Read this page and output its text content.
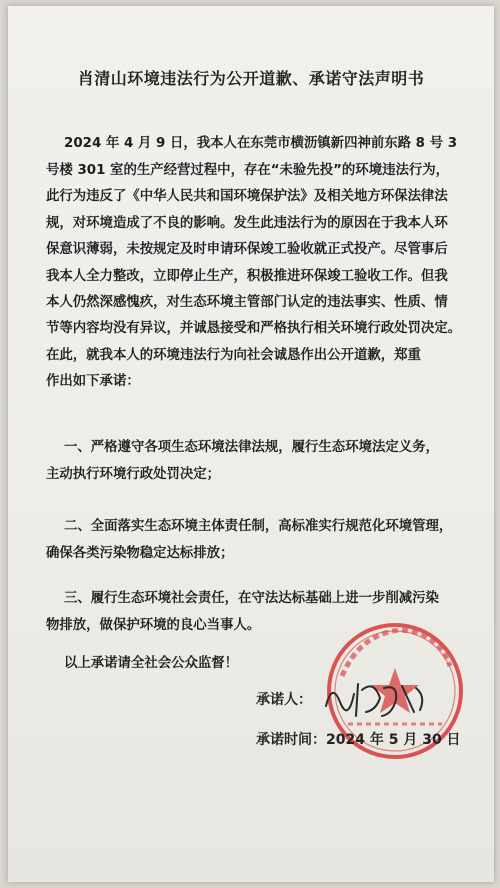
肖清山环境违法行为公开道歉、承诺守法声明书
2024 年 4 月 9 日，我本人在东莞市横沥镇新四神前东路 8 号 3
号楼 301 室的生产经营过程中，存在“未验先投”的环境违法行为，
此行为违反了《中华人民共和国环境保护法》及相关地方环保法律法
规，对环境造成了不良的影响。发生此违法行为的原因在于我本人环
保意识薄弱，未按规定及时申请环保竣工验收就正式投产。尽管事后
我本人全力整改，立即停止生产，积极推进环保竣工验收工作。但我
本人仍然深感愧疚，对生态环境主管部门认定的违法事实、性质、情
节等内容均没有异议，并诚恳接受和严格执行相关环境行政处罚决定。
在此，就我本人的环境违法行为向社会诚恳作出公开道歉，郑重
作出如下承诺：
一、严格遵守各项生态环境法律法规，履行生态环境法定义务，
主动执行环境行政处罚决定；
二、全面落实生态环境主体责任制，高标准实行规范化环境管理，
确保各类污染物稳定达标排放；
三、履行生态环境社会责任，在守法达标基础上进一步削减污染
物排放，做保护环境的良心当事人。
以上承诺请全社会公众监督！
承诺人：
承诺时间：2024 年 5 月 30 日
